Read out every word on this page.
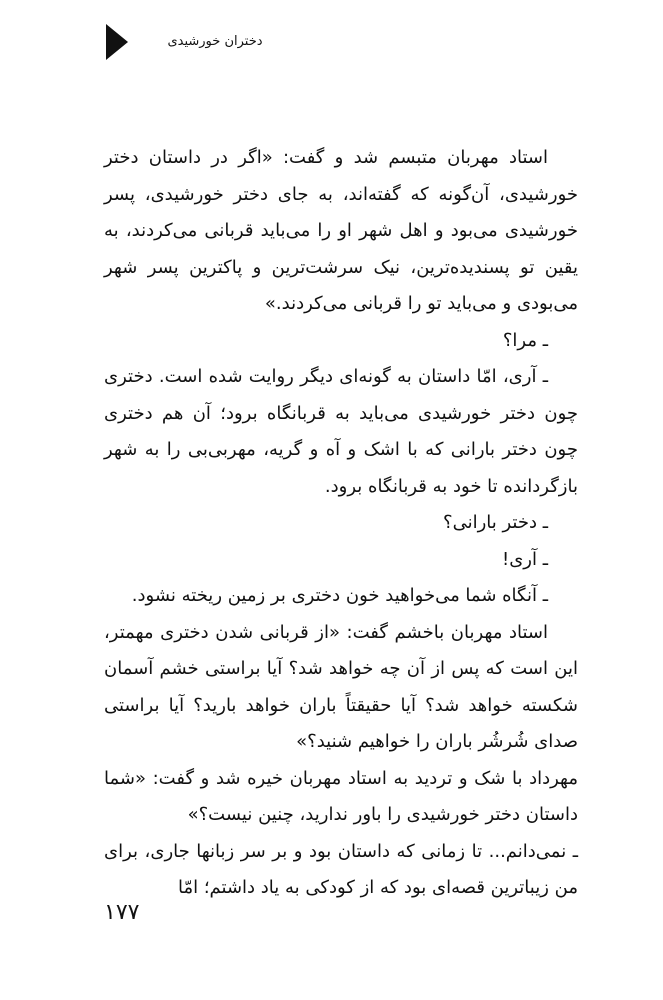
دختران خورشیدی

استاد مهربان متبسم شد و گفت: «اگر در داستان دختر خورشیدی، آن‌گونه که گفته‌اند، به جای دختر خورشیدی، پسر خورشیدی می‌بود و اهل شهر او را می‌باید قربانی می‌کردند، به یقین تو پسندیده‌ترین، نیک سرشت‌ترین و پاکترین پسر شهر می‌بودی و می‌باید تو را قربانی می‌کردند.»

ـ مرا؟

ـ آری، امّا داستان به گونه‌ای دیگر روایت شده است. دختری چون دختر خورشیدی می‌باید به قربانگاه برود؛ آن هم دختری چون دختر بارانی که با اشک و آه و گریه، مهربی‌بی را به شهر بازگردانده تا خود به قربانگاه برود.

ـ دختر بارانی؟

ـ آری!

ـ آنگاه شما می‌خواهید خون دختری بر زمین ریخته نشود.

استاد مهربان باخشم گفت: «از قربانی شدن دختری مهمتر، این است که پس از آن چه خواهد شد؟ آیا براستی خشم آسمان شکسته خواهد شد؟ آیا حقیقتاً باران خواهد بارید؟ آیا براستی صدای شُرشُر باران را خواهیم شنید؟»

مهرداد با شک و تردید به استاد مهربان خیره شد و گفت: «شما داستان دختر خورشیدی را باور ندارید، چنین نیست؟»

ـ نمی‌دانم... تا زمانی که داستان بود و بر سر زبانها جاری، برای من زیباترین قصه‌ای بود که از کودکی به یاد داشتم؛ امّا

۱۷۷
